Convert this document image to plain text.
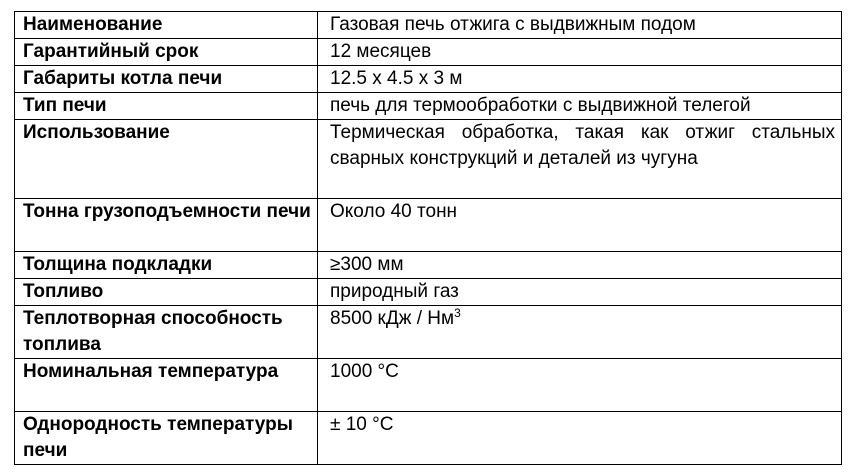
Наименование	Газовая печь отжига с выдвижным подом
Гарантийный срок	12 месяцев
Габариты котла печи	12.5 x 4.5 x 3 м
Тип печи	печь для термообработки с выдвижной телегой
Использование	Термическая обработка, такая как отжиг стальных сварных конструкций и деталей из чугуна
Тонна грузоподъемности печи	Около 40 тонн
Толщина подкладки	≥300 мм
Топливо	природный газ
Теплотворная способность топлива	8500 кДж / $Нм^3$
Номинальная температура	1000 °C
Однородность температуры печи	± 10 °C
